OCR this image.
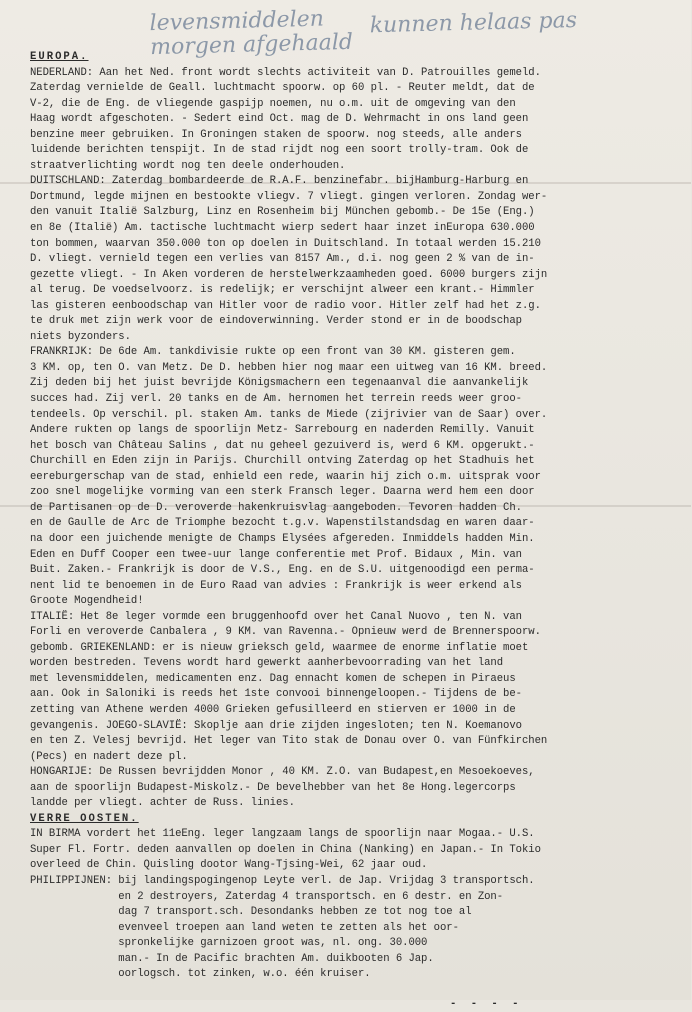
levensmiddelen kunnen helaas pas
morgen afgehaald
EUROPA.
NEDERLAND: Aan het Ned. front wordt slechts activiteit van D. Patrouilles gemeld.
Zaterdag vernielde de Geall. luchtmacht spoorw. op 60 pl. - Reuter meldt, dat de
V-2, die de Eng. de vliegende gaspijp noemen, nu o.m. uit de omgeving van den
Haag wordt afgeschoten. - Sedert eind Oct. mag de D. Wehrmacht in ons land geen
benzine meer gebruiken. In Groningen staken de spoorw. nog steeds, alle anders
luidende berichten tenspijt. In de stad rijdt nog een soort trolly-tram. Ook de
straatverlichting wordt nog ten deele onderhouden.
DUITSCHLAND: Zaterdag bombardeerde de R.A.F. benzinefabr. bijHamburg-Harburg en
Dortmund, legde mijnen en bestookte vliegv. 7 vliegt. gingen verloren. Zondag wer-
den vanuit Italië Salzburg, Linz en Rosenheim bij München gebomb.- De 15e (Eng.)
en 8e (Italië) Am. tactische luchtmacht wierp sedert haar inzet inEuropa 630.000
ton bommen, waarvan 350.000 ton op doelen in Duitschland. In totaal werden 15.210
D. vliegt. vernield tegen een verlies van 8157 Am., d.i. nog geen 2 % van de in-
gezette vliegt. - In Aken vorderen de herstelwerkzaamheden goed. 6000 burgers zijn
al terug. De voedselvoorz. is redelijk; er verschijnt alweer een krant.- Himmler
las gisteren eenboodschap van Hitler voor de radio voor. Hitler zelf had het z.g.
te druk met zijn werk voor de eindoverwinning. Verder stond er in de boodschap
niets byzonders.
FRANKRIJK: De 6de Am. tankdivisie rukte op een front van 30 KM. gisteren gem.
3 KM. op, ten O. van Metz. De D. hebben hier nog maar een uitweg van 16 KM. breed.
Zij deden bij het juist bevrijde Königsmachern een tegenaanval die aanvankelijk
succes had. Zij verl. 20 tanks en de Am. hernomen het terrein reeds weer groo-
tendeels. Op verschil. pl. staken Am. tanks de Miede (zijrivier van de Saar) over.
Andere rukten op langs de spoorlijn Metz- Sarrebourg en naderden Remilly. Vanuit
het bosch van Château Salins , dat nu geheel gezuiverd is, werd 6 KM. opgerukt.-
Churchill en Eden zijn in Parijs. Churchill ontving Zaterdag op het Stadhuis het
eereburgerschap van de stad, enhield een rede, waarin hij zich o.m. uitsprak voor
zoo snel mogelijke vorming van een sterk Fransch leger. Daarna werd hem een door
de Partisanen op de D. veroverde hakenkruisvlag aangeboden. Tevoren hadden Ch.
en de Gaulle de Arc de Triomphe bezocht t.g.v. Wapenstilstandsdag en waren daar-
na door een juichende menigte de Champs Elysées afgereden. Inmiddels hadden Min.
Eden en Duff Cooper een twee-uur lange conferentie met Prof. Bidaux , Min. van
Buit. Zaken.- Frankrijk is door de V.S., Eng. en de S.U. uitgenoodigd een perma-
nent lid te benoemen in de Euro Raad van advies : Frankrijk is weer erkend als
Groote Mogendheid!
ITALIË: Het 8e leger vormde een bruggenhoofd over het Canal Nuovo , ten N. van
Forli en veroverde Canbalera , 9 KM. van Ravenna.- Opnieuw werd de Brennerspoorw.
gebomb. GRIEKENLAND: er is nieuw grieksch geld, waarmee de enorme inflatie moet
worden bestreden. Tevens wordt hard gewerkt aanherbevoorrading van het land
met levensmiddelen, medicamenten enz. Dag ennacht komen de schepen in Piraeus
aan. Ook in Saloniki is reeds het 1ste convooi binnengeloopen.- Tijdens de be-
zetting van Athene werden 4000 Grieken gefusilleerd en stierven er 1000 in de
gevangenis. JOEGO-SLAVIË: Skoplje aan drie zijden ingesloten; ten N. Koemanovo
en ten Z. Velesj bevrijd. Het leger van Tito stak de Donau over O. van Fünfkirchen
(Pecs) en nadert deze pl.
HONGARIJE: De Russen bevrijdden Monor , 40 KM. Z.O. van Budapest,en Mesoekoeves,
aan de spoorlijn Budapest-Miskolz.- De bevelhebber van het 8e Hong.legercorps
landde per vliegt. achter de Russ. linies.
VERRE OOSTEN.
IN BIRMA vordert het 11eEng. leger langzaam langs de spoorlijn naar Mogaa.- U.S.
Super Fl. Fortr. deden aanvallen op doelen in China (Nanking) en Japan.- In Tokio
overleed de Chin. Quisling dootor Wang-Tjsing-Wei, 62 jaar oud.
PHILIPPIJNEN: bij landingspogingenop Leyte verl. de Jap. Vrijdag 3 transportsch.
en 2 destroyers, Zaterdag 4 transportsch. en 6 destr. en Zon-
dag 7 transport.sch. Desondanks hebben ze tot nog toe al
evenveel troepen aan land weten te zetten als het oor-
spronkelijke garnizoen groot was, nl. ong. 30.000
man.- In de Pacific brachten Am. duikbooten 6 Jap.
oorlogsch. tot zinken, w.o. één kruiser.
- - - -
